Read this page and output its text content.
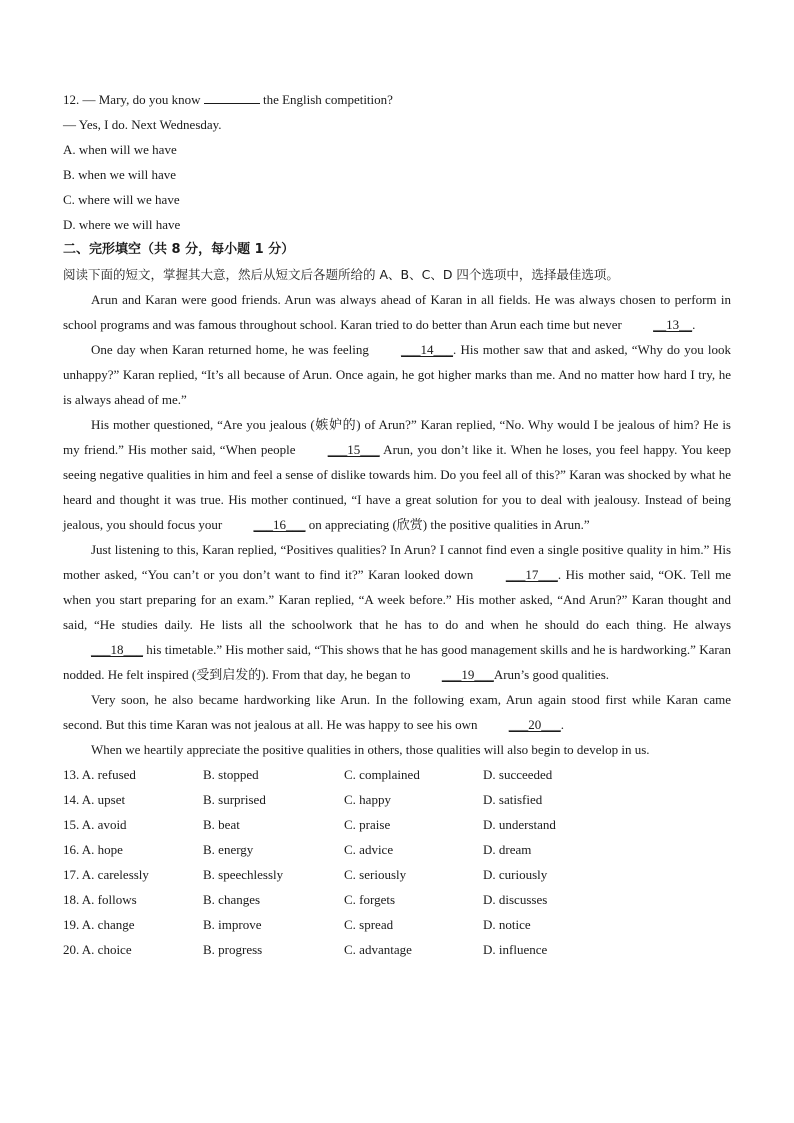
12. — Mary, do you know	the English competition?
— Yes, I do. Next Wednesday.
A. when will we have
B. when we will have
C. where will we have
D. where we will have
二、完形填空（共 8 分，每小题 1 分）
阅读下面的短文，掌握其大意，然后从短文后各题所给的 A、B、C、D 四个选项中，选择最佳选项。
Arun and Karan were good friends. Arun was always ahead of Karan in all fields. He was always chosen to perform in school programs and was famous throughout school. Karan tried to do better than Arun each time but never __13__.
One day when Karan returned home, he was feeling ___14___. His mother saw that and asked, “Why do you look unhappy?” Karan replied, “It’s all because of Arun. Once again, he got higher marks than me. And no matter how hard I try, he is always ahead of me.”
His mother questioned, “Are you jealous (嫉妒的) of Arun?” Karan replied, “No. Why would I be jealous of him? He is my friend.” His mother said, “When people ___15___ Arun, you don’t like it. When he loses, you feel happy. You keep seeing negative qualities in him and feel a sense of dislike towards him. Do you feel all of this?” Karan was shocked by what he heard and thought it was true. His mother continued, “I have a great solution for you to deal with jealousy. Instead of being jealous, you should focus your ___16___ on appreciating (欣赏) the positive qualities in Arun.”
Just listening to this, Karan replied, “Positives qualities? In Arun? I cannot find even a single positive quality in him.” His mother asked, “You can’t or you don’t want to find it?” Karan looked down ___17___. His mother said, “OK. Tell me when you start preparing for an exam.” Karan replied, “A week before.” His mother asked, “And Arun?” Karan thought and said, “He studies daily. He lists all the schoolwork that he has to do and when he should do each thing. He always ___18___ his timetable.” His mother said, “This shows that he has good management skills and he is hardworking.” Karan nodded. He felt inspired (受到启发的). From that day, he began to ___19___Arun’s good qualities.
Very soon, he also became hardworking like Arun. In the following exam, Arun again stood first while Karan came second. But this time Karan was not jealous at all. He was happy to see his own ___20___.
When we heartily appreciate the positive qualities in others, those qualities will also begin to develop in us.
13. A. refused	B. stopped	C. complained	D. succeeded
14. A. upset	B. surprised	C. happy	D. satisfied
15. A. avoid	B. beat	C. praise	D. understand
16. A. hope	B. energy	C. advice	D. dream
17. A. carelessly	B. speechlessly	C. seriously	D. curiously
18. A. follows	B. changes	C. forgets	D. discusses
19. A. change	B. improve	C. spread	D. notice
20. A. choice	B. progress	C. advantage	D. influence
